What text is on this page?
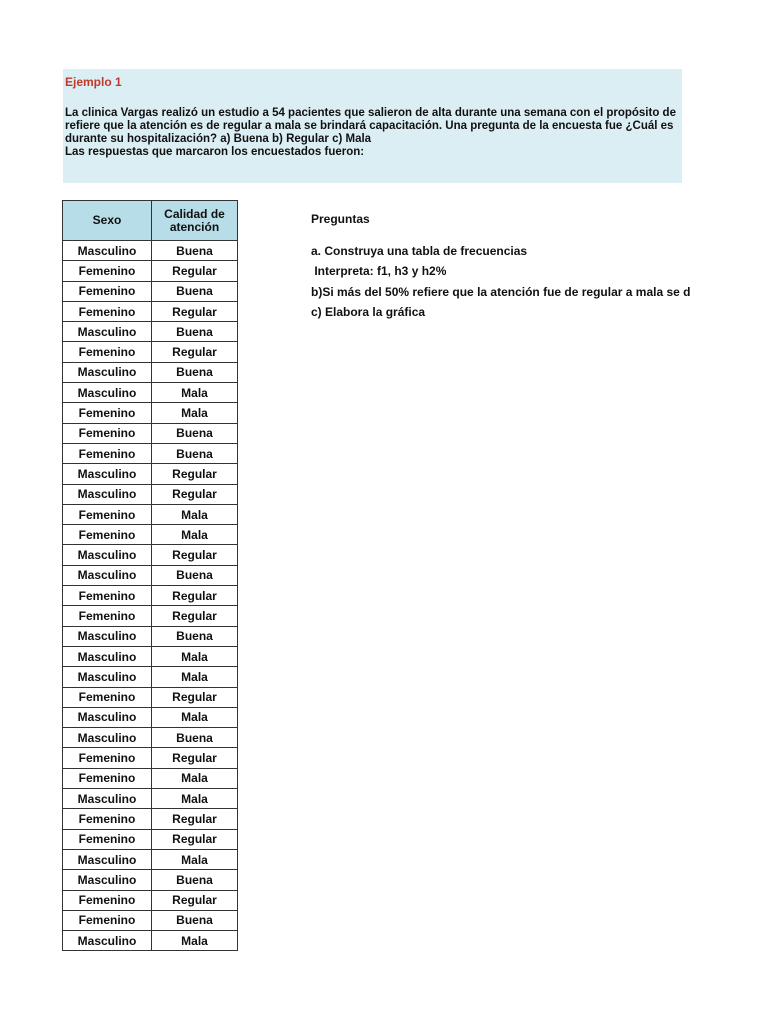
Ejemplo 1
La clinica Vargas realizó un estudio a 54 pacientes que salieron de alta durante una semana con el propósito de
refiere que la atención es de regular a mala se brindará capacitación. Una pregunta de la encuesta fue ¿Cuál es
durante su hospitalización? a) Buena b) Regular c) Mala
Las respuestas que marcaron los encuestados fueron:
Sexo	Calidad de atención
Masculino	Buena
Femenino	Regular
Femenino	Buena
Femenino	Regular
Masculino	Buena
Femenino	Regular
Masculino	Buena
Masculino	Mala
Femenino	Mala
Femenino	Buena
Femenino	Buena
Masculino	Regular
Masculino	Regular
Femenino	Mala
Femenino	Mala
Masculino	Regular
Masculino	Buena
Femenino	Regular
Femenino	Regular
Masculino	Buena
Masculino	Mala
Masculino	Mala
Femenino	Regular
Masculino	Mala
Masculino	Buena
Femenino	Regular
Femenino	Mala
Masculino	Mala
Femenino	Regular
Femenino	Regular
Masculino	Mala
Masculino	Buena
Femenino	Regular
Femenino	Buena
Masculino	Mala
Preguntas
a. Construya una tabla de frecuencias
Interpreta: f1, h3 y h2%
b)Si más del 50% refiere que la atención fue de regular a mala se d
c) Elabora la gráfica
